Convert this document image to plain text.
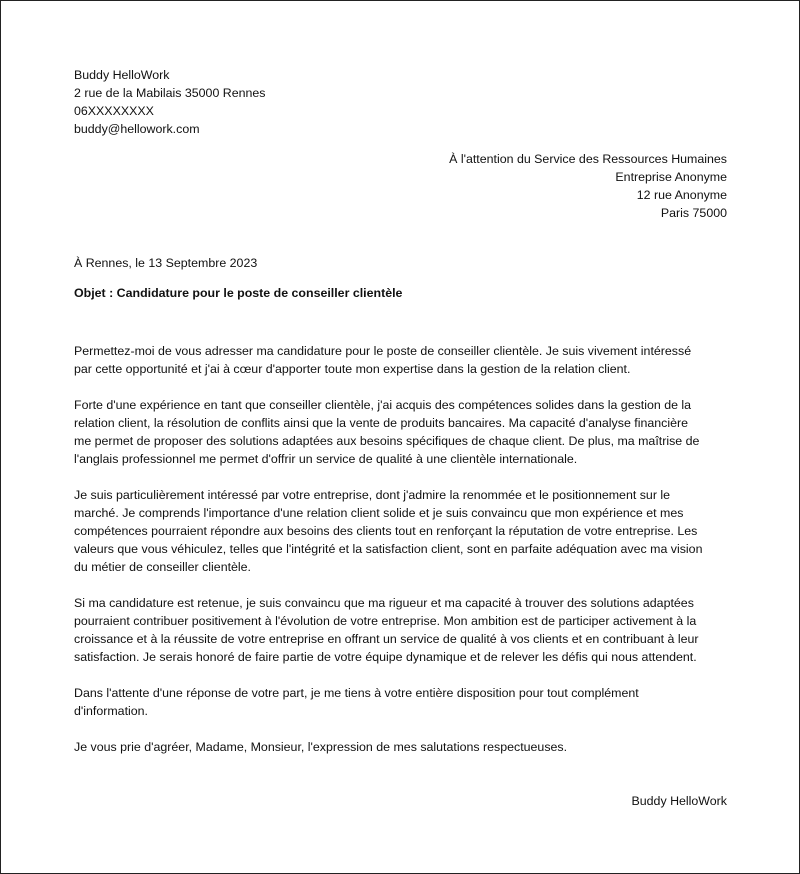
Buddy HelloWork
2 rue de la Mabilais 35000 Rennes
06XXXXXXXX
buddy@hellowork.com
À l'attention du Service des Ressources Humaines
Entreprise Anonyme
12 rue Anonyme
Paris 75000
À Rennes, le 13 Septembre 2023
Objet : Candidature pour le poste de conseiller clientèle
Permettez-moi de vous adresser ma candidature pour le poste de conseiller clientèle. Je suis vivement intéressé
par cette opportunité et j'ai à cœur d'apporter toute mon expertise dans la gestion de la relation client.
Forte d'une expérience en tant que conseiller clientèle, j'ai acquis des compétences solides dans la gestion de la
relation client, la résolution de conflits ainsi que la vente de produits bancaires. Ma capacité d'analyse financière
me permet de proposer des solutions adaptées aux besoins spécifiques de chaque client. De plus, ma maîtrise de
l'anglais professionnel me permet d'offrir un service de qualité à une clientèle internationale.
Je suis particulièrement intéressé par votre entreprise, dont j'admire la renommée et le positionnement sur le
marché. Je comprends l'importance d'une relation client solide et je suis convaincu que mon expérience et mes
compétences pourraient répondre aux besoins des clients tout en renforçant la réputation de votre entreprise. Les
valeurs que vous véhiculez, telles que l'intégrité et la satisfaction client, sont en parfaite adéquation avec ma vision
du métier de conseiller clientèle.
Si ma candidature est retenue, je suis convaincu que ma rigueur et ma capacité à trouver des solutions adaptées
pourraient contribuer positivement à l'évolution de votre entreprise. Mon ambition est de participer activement à la
croissance et à la réussite de votre entreprise en offrant un service de qualité à vos clients et en contribuant à leur
satisfaction. Je serais honoré de faire partie de votre équipe dynamique et de relever les défis qui nous attendent.
Dans l'attente d'une réponse de votre part, je me tiens à votre entière disposition pour tout complément
d'information.
Je vous prie d'agréer, Madame, Monsieur, l'expression de mes salutations respectueuses.
Buddy HelloWork
